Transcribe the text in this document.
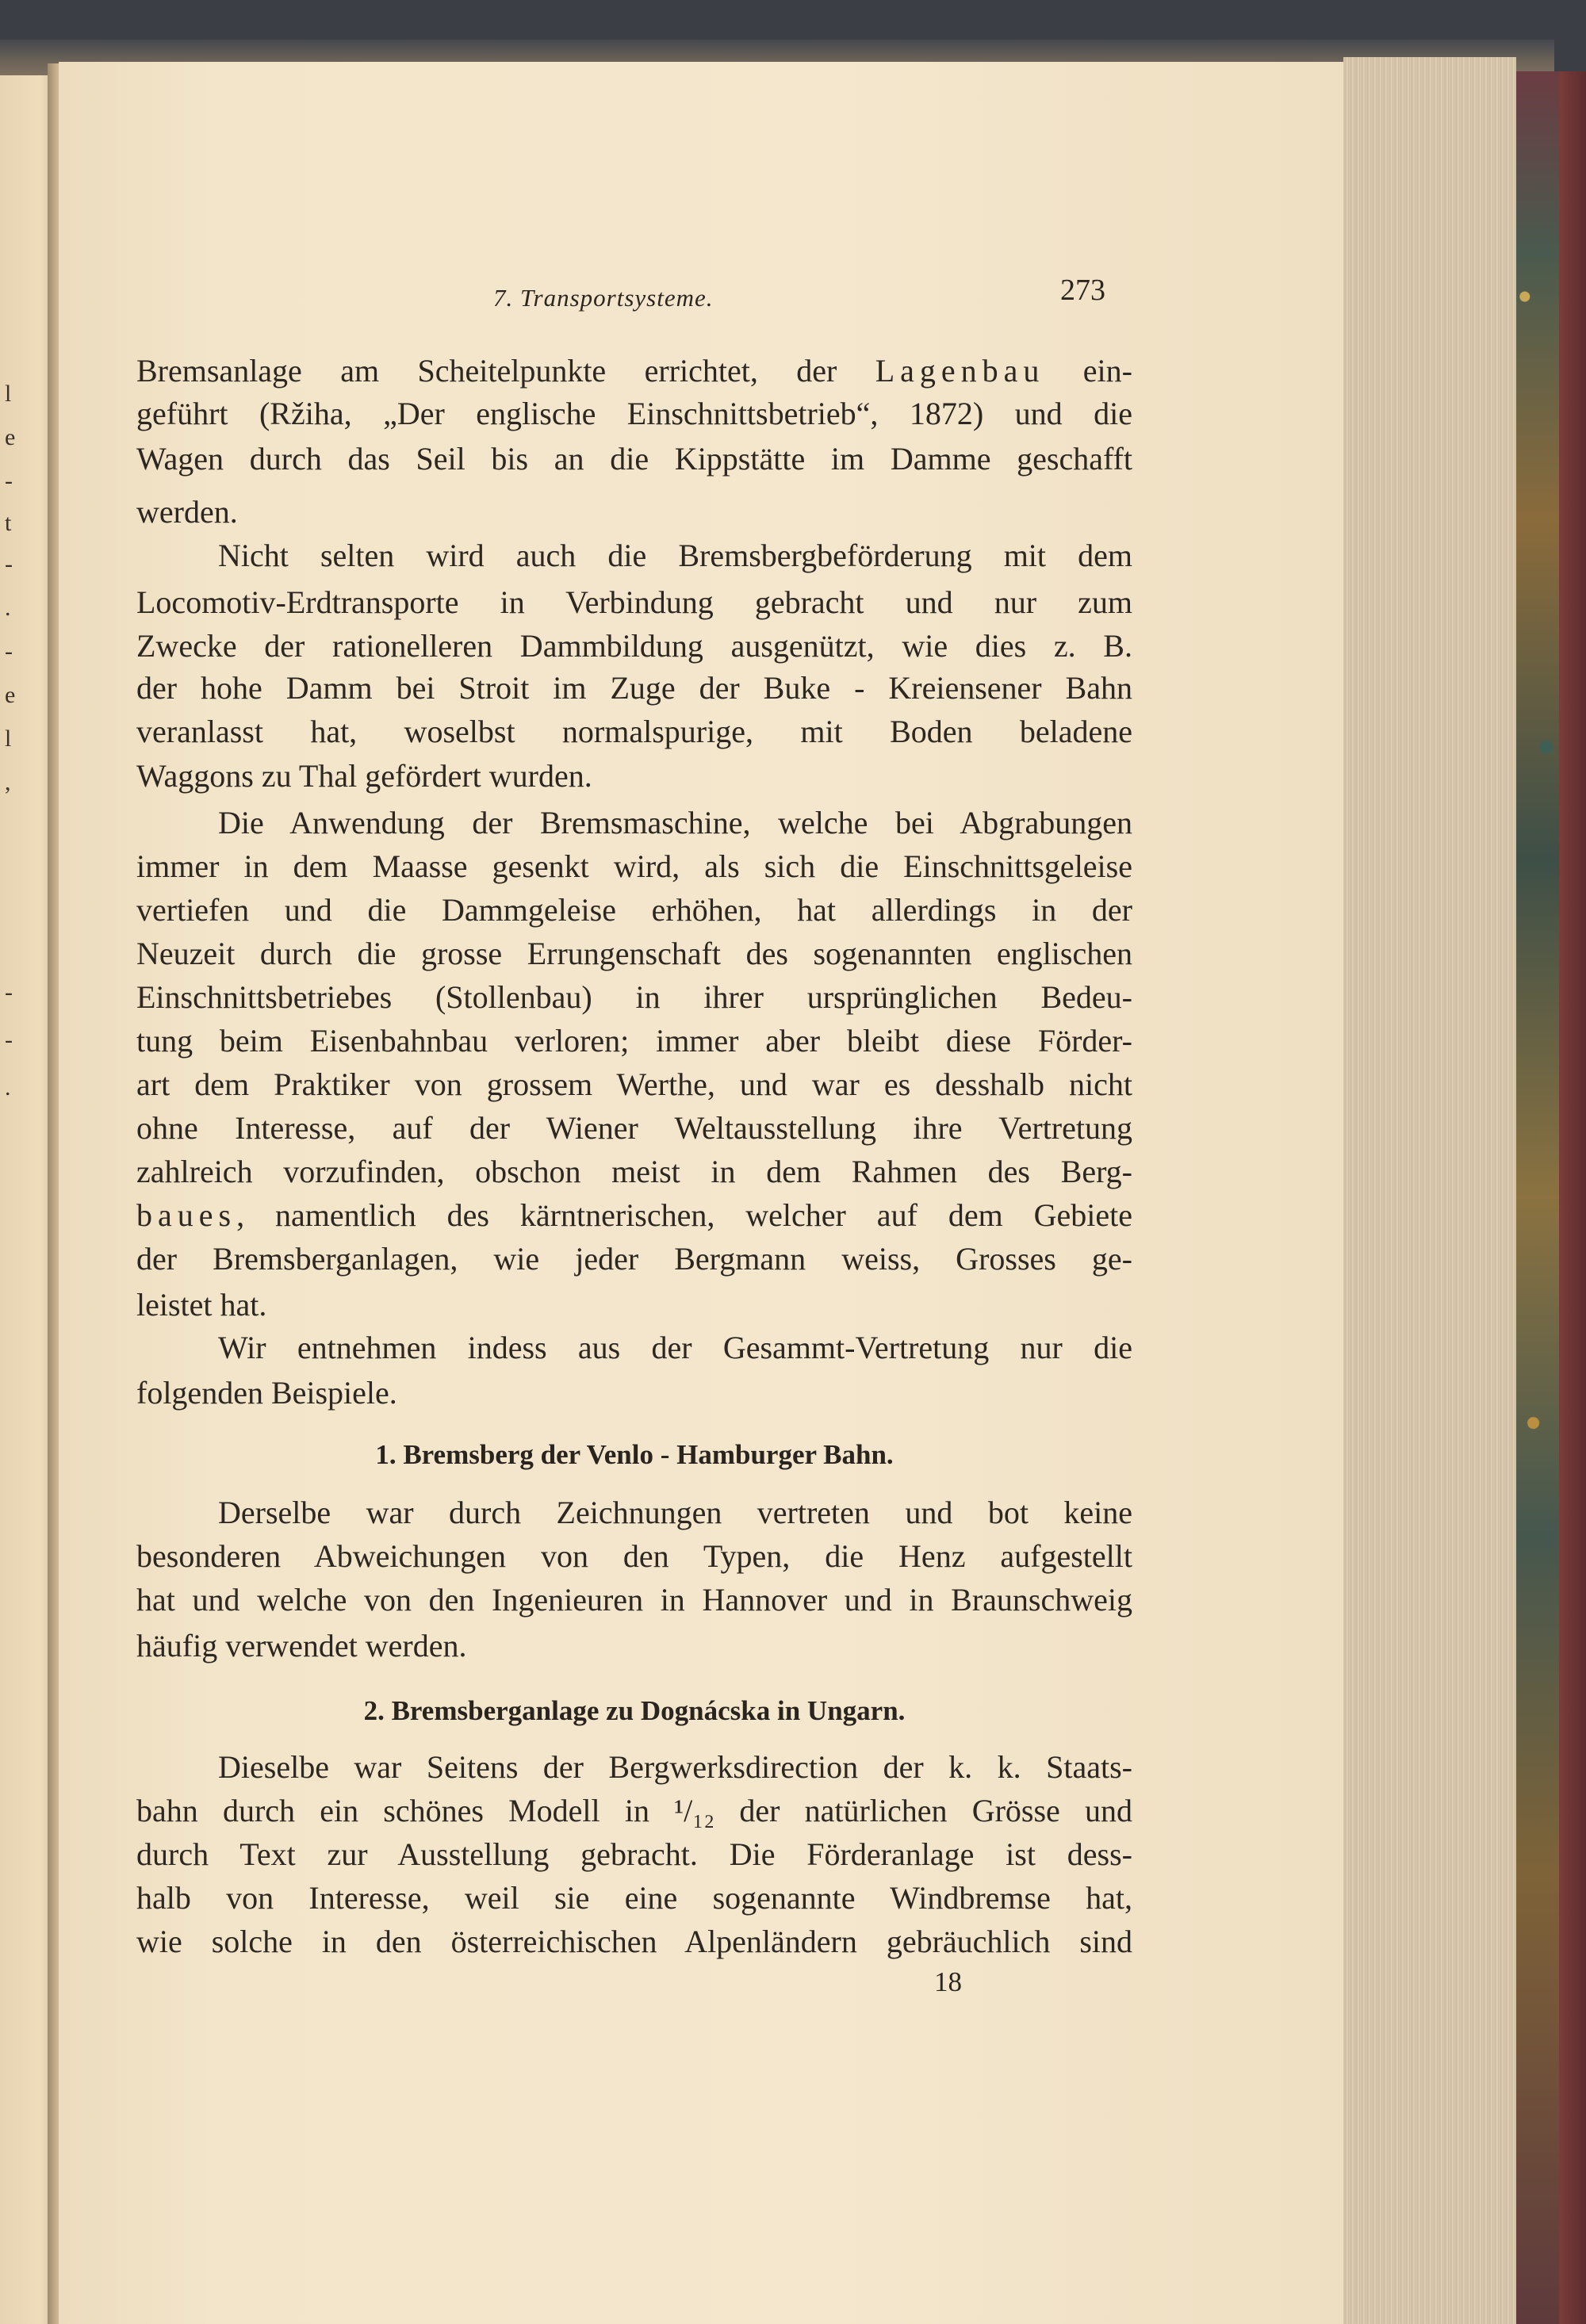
l
e
-
t
-
.
-
e
l
,
-
-
.
7. Transportsysteme.	273
Bremsanlage am Scheitelpunkte errichtet, der Lagenbau ein-
geführt (Ržiha, „Der englische Einschnittsbetrieb“, 1872) und die
Wagen durch das Seil bis an die Kippstätte im Damme geschafft
werden.
Nicht selten wird auch die Bremsbergbeförderung mit dem
Locomotiv-Erdtransporte in Verbindung gebracht und nur zum
Zwecke der rationelleren Dammbildung ausgenützt, wie dies z. B.
der hohe Damm bei Stroit im Zuge der Buke - Kreiensener Bahn
veranlasst hat, woselbst normalspurige, mit Boden beladene
Waggons zu Thal gefördert wurden.
Die Anwendung der Bremsmaschine, welche bei Abgrabungen
immer in dem Maasse gesenkt wird, als sich die Einschnittsgeleise
vertiefen und die Dammgeleise erhöhen, hat allerdings in der
Neuzeit durch die grosse Errungenschaft des sogenannten englischen
Einschnittsbetriebes (Stollenbau) in ihrer ursprünglichen Bedeu-
tung beim Eisenbahnbau verloren; immer aber bleibt diese Förder-
art dem Praktiker von grossem Werthe, und war es desshalb nicht
ohne Interesse, auf der Wiener Weltausstellung ihre Vertretung
zahlreich vorzufinden, obschon meist in dem Rahmen des Berg-
baues, namentlich des kärntnerischen, welcher auf dem Gebiete
der Bremsberganlagen, wie jeder Bergmann weiss, Grosses ge-
leistet hat.
Wir entnehmen indess aus der Gesammt-Vertretung nur die
folgenden Beispiele.
1. Bremsberg der Venlo - Hamburger Bahn.
Derselbe war durch Zeichnungen vertreten und bot keine
besonderen Abweichungen von den Typen, die Henz aufgestellt
hat und welche von den Ingenieuren in Hannover und in Braunschweig
häufig verwendet werden.
2. Bremsberganlage zu Dognácska in Ungarn.
Dieselbe war Seitens der Bergwerksdirection der k. k. Staats-
bahn durch ein schönes Modell in ¹/₁₂ der natürlichen Grösse und
durch Text zur Ausstellung gebracht. Die Förderanlage ist dess-
halb von Interesse, weil sie eine sogenannte Windbremse hat,
wie solche in den österreichischen Alpenländern gebräuchlich sind
18
